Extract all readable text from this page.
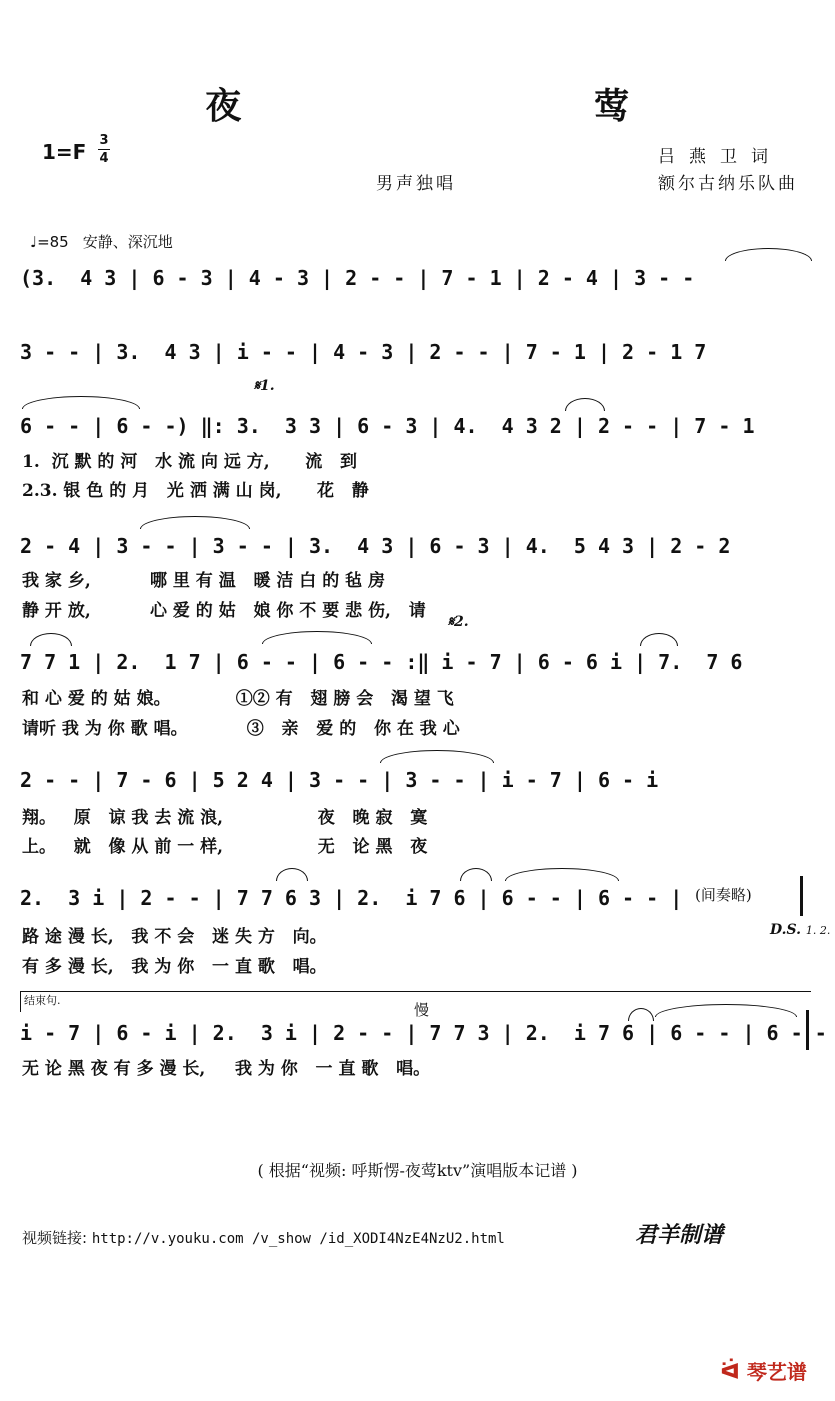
夜 莺
1=F 3
4	吕燕卫词
额尔古纳乐队曲
男声独唱
♩=85 安静、深沉地
(3.  4 3 | 6 - 3 | 4 - 3 | 2 - - | 7 - 1 | 2 - 4 | 3 - -
3 - - | 3.  4 3 | i - - | 4 - 3 | 2 - - | 7 - 1 | 2 - 1 7
𝄋1.
6 - - | 6 - -) ‖: 3.  3 3 | 6 - 3 | 4.  4 3 2 | 2 - - | 7 - 1
1.  沉 默 的 河   水 流 向 远 方,      流   到
2.3. 银 色 的 月   光 洒 满 山 岗,      花   静
2 - 4 | 3 - - | 3 - - | 3.  4 3 | 6 - 3 | 4.  5 4 3 | 2 - 2
我 家 乡,          哪 里 有 温   暖 洁 白 的 毡 房
静 开 放,          心 爱 的 姑   娘 你 不 要 悲 伤,   请
𝄋2.
7 7 1 | 2.  1 7 | 6 - - | 6 - - :‖ i - 7 | 6 - 6 i | 7.  7 6
和 心 爱 的 姑 娘。           ①② 有   翅 膀 会   渴 望 飞
请听 我 为 你 歌 唱。          ③   亲   爱 的   你 在 我 心
2 - - | 7 - 6 | 5 2 4 | 3 - - | 3 - - | i - 7 | 6 - i
翔。   原   谅 我 去 流 浪,                夜   晚 寂   寞
上。   就   像 从 前 一 样,                无   论 黑   夜
2.  3 i | 2 - - | 7 7 6 3 | 2.  i 7 6 | 6 - - | 6 - - | (间奏略)
路 途 漫 长,   我 不 会   迷 失 方   向。
有 多 漫 长,   我 为 你   一 直 歌   唱。
D.S. 1. 2.
结束句.
慢
i - 7 | 6 - i | 2.  3 i | 2 - - | 7 7 3 | 2.  i 7 6 | 6 - - | 6 - -
无 论 黑 夜 有 多 漫 长,     我 为 你   一 直 歌   唱。
( 根据“视频: 呼斯愣-夜莺ktv”演唱版本记谱 )
视频链接: http://v.youku.com /v_show /id_XODI4NzE4NzU2.html	君羊制谱
ᐛ 琴艺谱
